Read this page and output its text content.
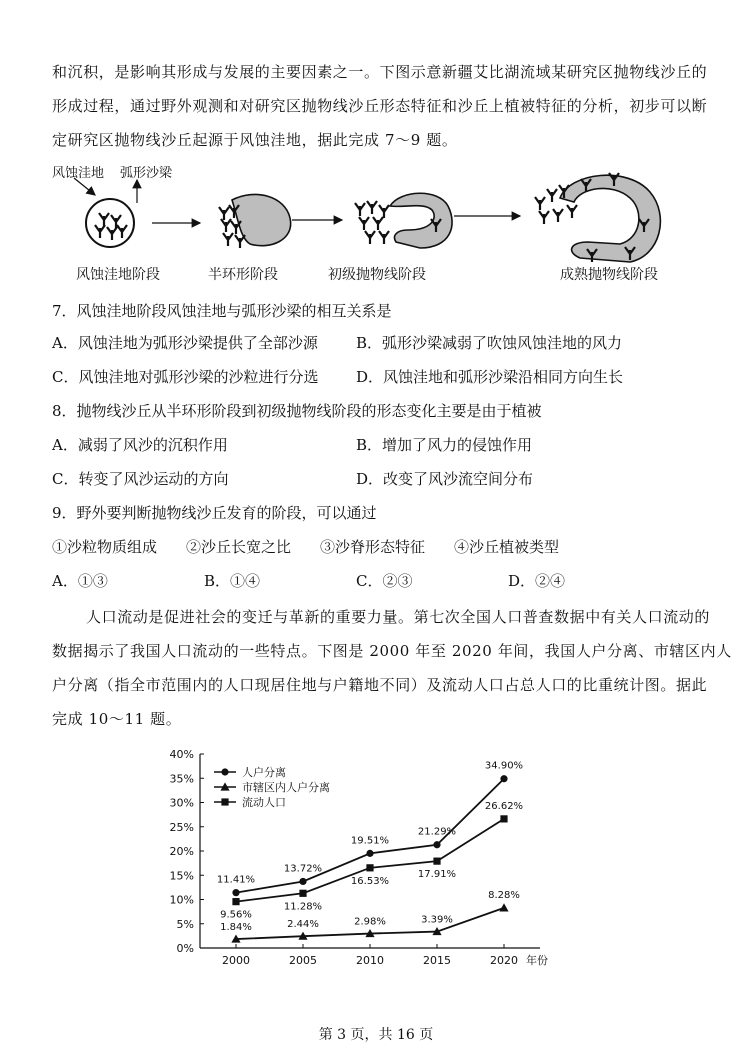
和沉积，是影响其形成与发展的主要因素之一。下图示意新疆艾比湖流域某研究区抛物线沙丘的
形成过程，通过野外观测和对研究区抛物线沙丘形态特征和沙丘上植被特征的分析，初步可以断
定研究区抛物线沙丘起源于风蚀洼地，据此完成 7～9 题。
风蚀洼地 弧形沙梁
风蚀洼地阶段	半环形阶段	初级抛物线阶段	成熟抛物线阶段
7．风蚀洼地阶段风蚀洼地与弧形沙梁的相互关系是
A．风蚀洼地为弧形沙梁提供了全部沙源	B．弧形沙梁减弱了吹蚀风蚀洼地的风力
C．风蚀洼地对弧形沙梁的沙粒进行分选	D．风蚀洼地和弧形沙梁沿相同方向生长
8．抛物线沙丘从半环形阶段到初级抛物线阶段的形态变化主要是由于植被
A．减弱了风沙的沉积作用	B．增加了风力的侵蚀作用
C．转变了风沙运动的方向	D．改变了风沙流空间分布
9．野外要判断抛物线沙丘发育的阶段，可以通过
①沙粒物质组成 ②沙丘长宽之比 ③沙脊形态特征 ④沙丘植被类型
A．①③	B．①④	C．②③	D．②④
人口流动是促进社会的变迁与革新的重要力量。第七次全国人口普查数据中有关人口流动的
数据揭示了我国人口流动的一些特点。下图是 2000 年至 2020 年间，我国人户分离、市辖区内人
户分离（指全市范围内的人口现居住地与户籍地不同）及流动人口占总人口的比重统计图。据此
完成 10～11 题。
0%
5%
10%
15%
20%
25%
30%
35%
40%
2000	2005	2010	2015	2020 年份
11.41%
13.72%
19.51%
21.29%
34.90%
1.84%	2.44%	2.98%	3.39%
8.28%
9.56%
11.28%
16.53%
17.91%
26.62%
人户分离
市辖区内人户分离
流动人口
第 3 页，共 16 页
